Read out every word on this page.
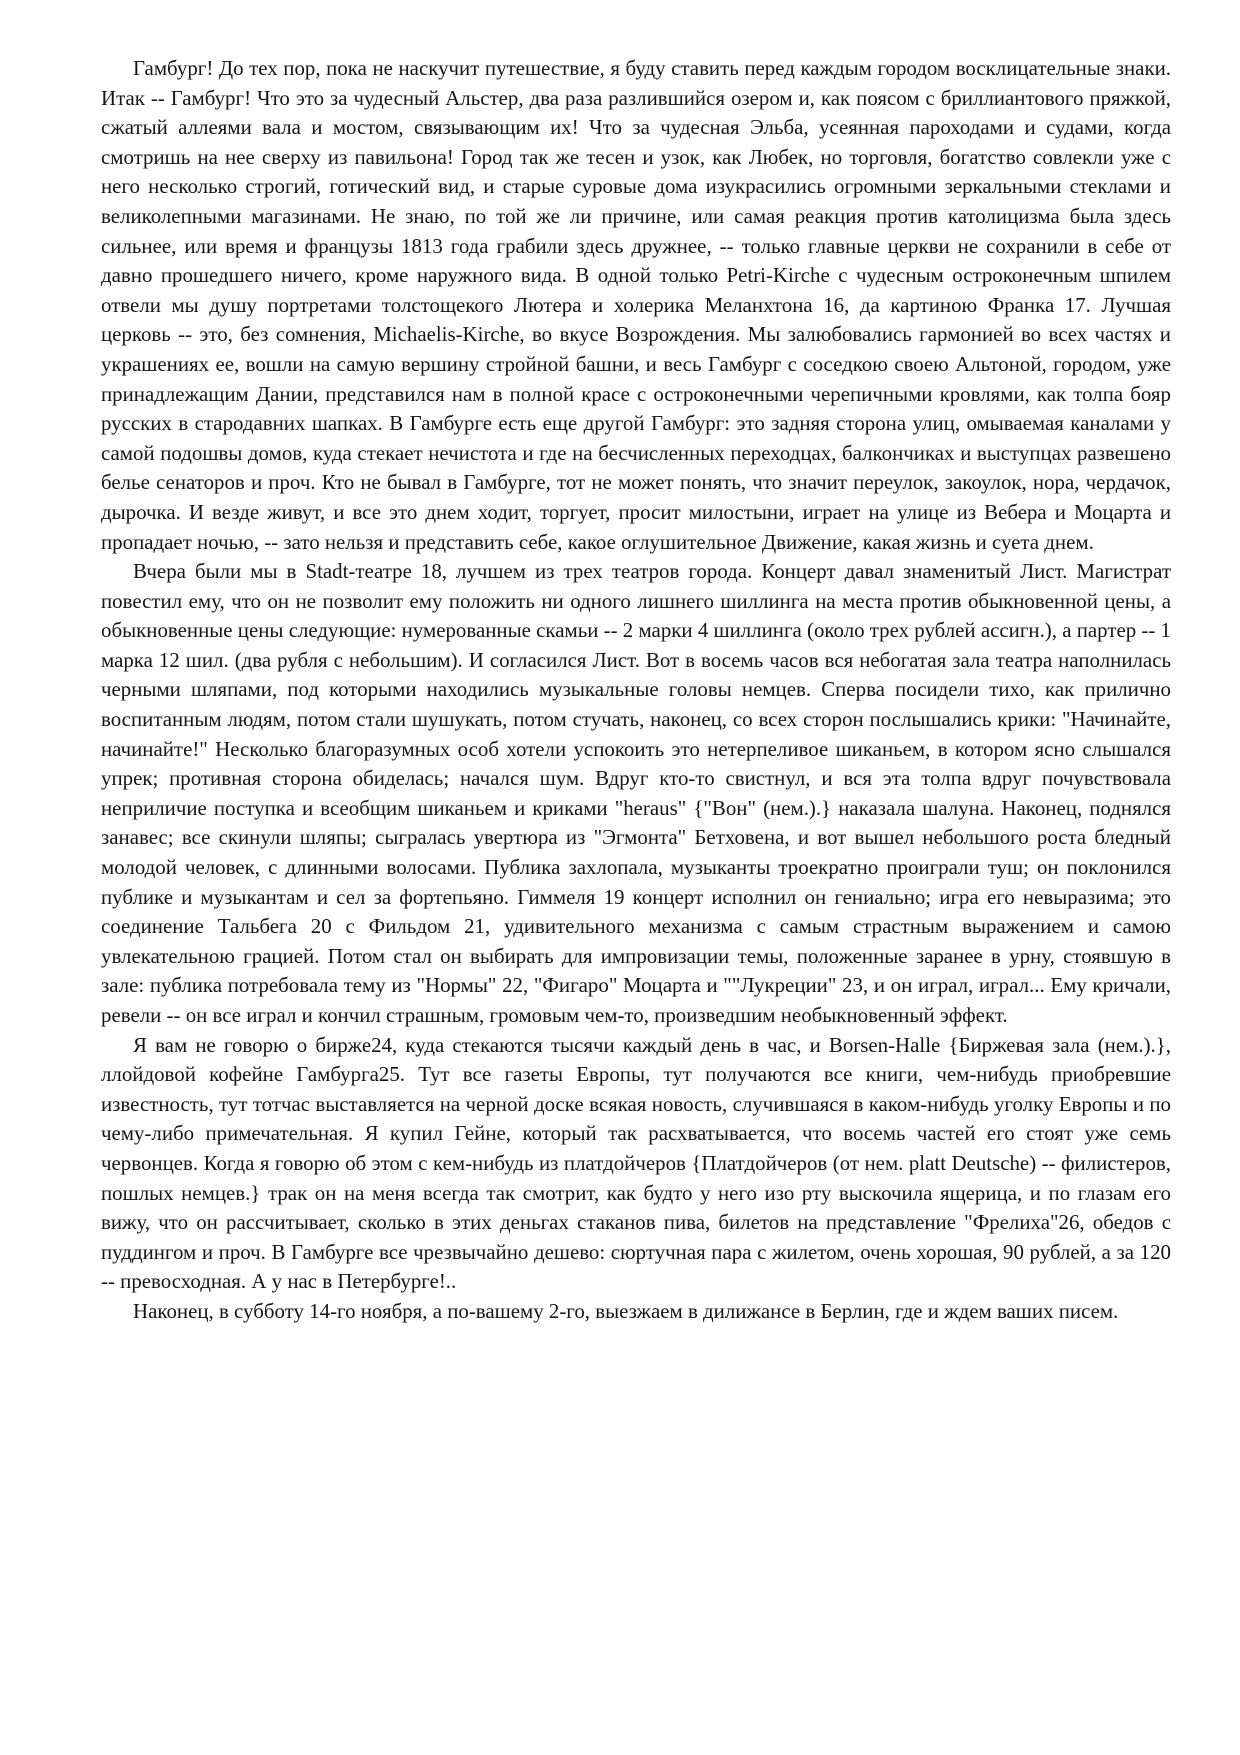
Гамбург! До тех пор, пока не наскучит путешествие, я буду ставить перед каждым городом восклицательные знаки. Итак -- Гамбург! Что это за чудесный Альстер, два раза разлившийся озером и, как поясом с бриллиантового пряжкой, сжатый аллеями вала и мостом, связывающим их! Что за чудесная Эльба, усеянная пароходами и судами, когда смотришь на нее сверху из павильона! Город так же тесен и узок, как Любек, но торговля, богатство совлекли уже с него несколько строгий, готический вид, и старые суровые дома изукрасились огромными зеркальными стеклами и великолепными магазинами. Не знаю, по той же ли причине, или самая реакция против католицизма была здесь сильнее, или время и французы 1813 года грабили здесь дружнее, -- только главные церкви не сохранили в себе от давно прошедшего ничего, кроме наружного вида. В одной только Petri-Kirche с чудесным остроконечным шпилем отвели мы душу портретами толстощекого Лютера и холерика Меланхтона 16, да картиною Франка 17. Лучшая церковь -- это, без сомнения, Michaelis-Kirche, во вкусе Возрождения. Мы залюбовались гармонией во всех частях и украшениях ее, вошли на самую вершину стройной башни, и весь Гамбург с соседкою своею Альтоной, городом, уже принадлежащим Дании, представился нам в полной красе с остроконечными черепичными кровлями, как толпа бояр русских в стародавних шапках. В Гамбурге есть еще другой Гамбург: это задняя сторона улиц, омываемая каналами у самой подошвы домов, куда стекает нечистота и где на бесчисленных переходцах, балкончиках и выступцах развешено белье сенаторов и проч. Кто не бывал в Гамбурге, тот не может понять, что значит переулок, закоулок, нора, чердачок, дырочка. И везде живут, и все это днем ходит, торгует, просит милостыни, играет на улице из Вебера и Моцарта и пропадает ночью, -- зато нельзя и представить себе, какое оглушительное Движение, какая жизнь и суета днем.

Вчера были мы в Stadt-театре 18, лучшем из трех театров города. Концерт давал знаменитый Лист. Магистрат повестил ему, что он не позволит ему положить ни одного лишнего шиллинга на места против обыкновенной цены, а обыкновенные цены следующие: нумерованные скамьи -- 2 марки 4 шиллинга (около трех рублей ассигн.), а партер -- 1 марка 12 шил. (два рубля с небольшим). И согласился Лист. Вот в восемь часов вся небогатая зала театра наполнилась черными шляпами, под которыми находились музыкальные головы немцев. Сперва посидели тихо, как прилично воспитанным людям, потом стали шушукать, потом стучать, наконец, со всех сторон послышались крики: "Начинайте, начинайте!" Несколько благоразумных особ хотели успокоить это нетерпеливое шиканьем, в котором ясно слышался упрек; противная сторона обиделась; начался шум. Вдруг кто-то свистнул, и вся эта толпа вдруг почувствовала неприличие поступка и всеобщим шиканьем и криками "heraus" {"Вон" (нем.).} наказала шалуна. Наконец, поднялся занавес; все скинули шляпы; сыгралась увертюра из "Эгмонта" Бетховена, и вот вышел небольшого роста бледный молодой человек, с длинными волосами. Публика захлопала, музыканты троекратно проиграли туш; он поклонился публике и музыкантам и сел за фортепьяно. Гиммеля 19 концерт исполнил он гениально; игра его невыразима; это соединение Тальбега 20 с Фильдом 21, удивительного механизма с самым страстным выражением и самою увлекательною грацией. Потом стал он выбирать для импровизации темы, положенные заранее в урну, стоявшую в зале: публика потребовала тему из "Нормы" 22, "Фигаро" Моцарта и ""Лукреции" 23, и он играл, играл... Ему кричали, ревели -- он все играл и кончил страшным, громовым чем-то, произведшим необыкновенный эффект.

Я вам не говорю о бирже24, куда стекаются тысячи каждый день в час, и Borsen-Halle {Биржевая зала (нем.).}, ллойдовой кофейне Гамбурга25. Тут все газеты Европы, тут получаются все книги, чем-нибудь приобревшие известность, тут тотчас выставляется на черной доске всякая новость, случившаяся в каком-нибудь уголку Европы и по чему-либо примечательная. Я купил Гейне, который так расхватывается, что восемь частей его стоят уже семь червонцев. Когда я говорю об этом с кем-нибудь из платдойчеров {Платдойчеров (от нем. platt Deutsche) -- филистеров, пошлых немцев.} трак он на меня всегда так смотрит, как будто у него изо рту выскочила ящерица, и по глазам его вижу, что он рассчитывает, сколько в этих деньгах стаканов пива, билетов на представление "Фрелиха"26, обедов с пуддингом и проч. В Гамбурге все чрезвычайно дешево: сюртучная пара с жилетом, очень хорошая, 90 рублей, а за 120 -- превосходная. А у нас в Петербурге!..

Наконец, в субботу 14-го ноября, а по-вашему 2-го, выезжаем в дилижансе в Берлин, где и ждем ваших писем.
